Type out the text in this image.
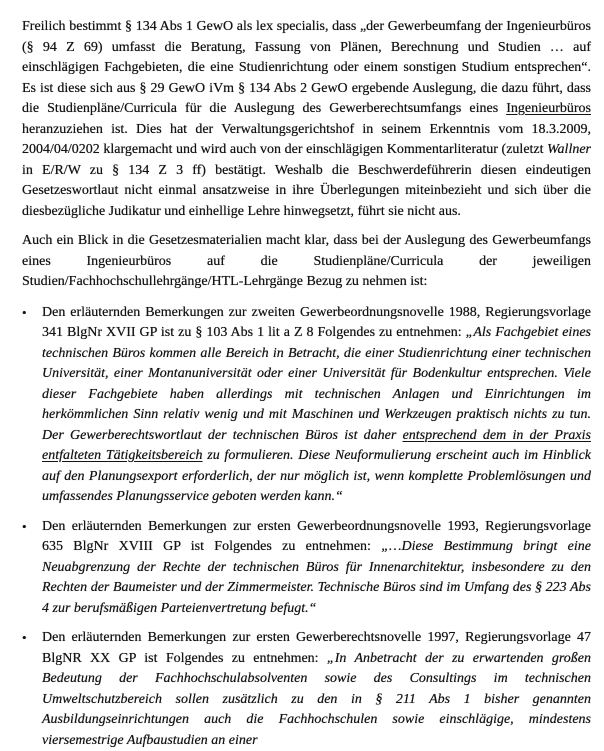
Freilich bestimmt § 134 Abs 1 GewO als lex specialis, dass „der Gewerbeumfang der Ingenieurbüros (§ 94 Z 69) umfasst die Beratung, Fassung von Plänen, Berechnung und Studien … auf einschlägigen Fachgebieten, die eine Studienrichtung oder einem sonstigen Studium entsprechen“. Es ist diese sich aus § 29 GewO iVm § 134 Abs 2 GewO ergebende Auslegung, die dazu führt, dass die Studienpläne/Curricula für die Auslegung des Gewerberechtsumfangs eines Ingenieurbüros heranzuziehen ist. Dies hat der Verwaltungsgerichtshof in seinem Erkenntnis vom 18.3.2009, 2004/04/0202 klargemacht und wird auch von der einschlägigen Kommentarliteratur (zuletzt Wallner in E/R/W zu § 134 Z 3 ff) bestätigt. Weshalb die Beschwerdeführerin diesen eindeutigen Gesetzeswortlaut nicht einmal ansatzweise in ihre Überlegungen miteinbezieht und sich über die diesbezügliche Judikatur und einhellige Lehre hinwegsetzt, führt sie nicht aus.

Auch ein Blick in die Gesetzesmaterialien macht klar, dass bei der Auslegung des Gewerbeumfangs eines Ingenieurbüros auf die Studienpläne/Curricula der jeweiligen Studien/Fachhochschullehrgänge/HTL-Lehrgänge Bezug zu nehmen ist:

•	Den erläuternden Bemerkungen zur zweiten Gewerbeordnungsnovelle 1988, Regierungsvorlage 341 BlgNr XVII GP ist zu § 103 Abs 1 lit a Z 8 Folgendes zu entnehmen: „Als Fachgebiet eines technischen Büros kommen alle Bereich in Betracht, die einer Studienrichtung einer technischen Universität, einer Montanuniversität oder einer Universität für Bodenkultur entsprechen. Viele dieser Fachgebiete haben allerdings mit technischen Anlagen und Einrichtungen im herkömmlichen Sinn relativ wenig und mit Maschinen und Werkzeugen praktisch nichts zu tun. Der Gewerberechtswortlaut der technischen Büros ist daher entsprechend dem in der Praxis entfalteten Tätigkeitsbereich zu formulieren. Diese Neuformulierung erscheint auch im Hinblick auf den Planungsexport erforderlich, der nur möglich ist, wenn komplette Problemlösungen und umfassendes Planungsservice geboten werden kann.“

•	Den erläuternden Bemerkungen zur ersten Gewerbeordnungsnovelle 1993, Regierungsvorlage 635 BlgNr XVIII GP ist Folgendes zu entnehmen: „…Diese Bestimmung bringt eine Neuabgrenzung der Rechte der technischen Büros für Innenarchitektur, insbesondere zu den Rechten der Baumeister und der Zimmermeister. Technische Büros sind im Umfang des § 223 Abs 4 zur berufsmäßigen Parteienvertretung befugt.“

•	Den erläuternden Bemerkungen zur ersten Gewerberechtsnovelle 1997, Regierungsvorlage 47 BlgNR XX GP ist Folgendes zu entnehmen: „In Anbetracht der zu erwartenden großen Bedeutung der Fachhochschulabsolventen sowie des Consultings im technischen Umweltschutzbereich sollen zusätzlich zu den in § 211 Abs 1 bisher genannten Ausbildungseinrichtungen auch die Fachhochschulen sowie einschlägige, mindestens viersemestrige Aufbaustudien an einer
